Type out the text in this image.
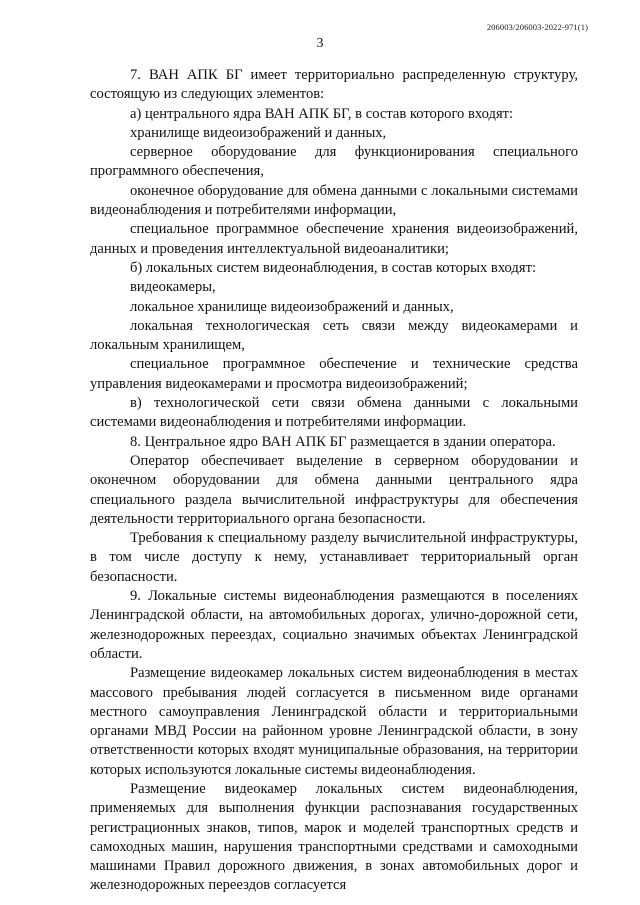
206003/206003-2022-971(1)
3

7. ВАН АПК БГ имеет территориально распределенную структуру, состоящую из следующих элементов:

а) центрального ядра ВАН АПК БГ, в состав которого входят:

хранилище видеоизображений и данных,

серверное оборудование для функционирования специального программного обеспечения,

оконечное оборудование для обмена данными с локальными системами видеонаблюдения и потребителями информации,

специальное программное обеспечение хранения видеоизображений, данных и проведения интеллектуальной видеоаналитики;

б) локальных систем видеонаблюдения, в состав которых входят:

видеокамеры,

локальное хранилище видеоизображений и данных,

локальная технологическая сеть связи между видеокамерами и локальным хранилищем,

специальное программное обеспечение и технические средства управления видеокамерами и просмотра видеоизображений;

в) технологической сети связи обмена данными с локальными системами видеонаблюдения и потребителями информации.

8. Центральное ядро ВАН АПК БГ размещается в здании оператора.

Оператор обеспечивает выделение в серверном оборудовании и оконечном оборудовании для обмена данными центрального ядра специального раздела вычислительной инфраструктуры для обеспечения деятельности территориального органа безопасности.

Требования к специальному разделу вычислительной инфраструктуры, в том числе доступу к нему, устанавливает территориальный орган безопасности.

9. Локальные системы видеонаблюдения размещаются в поселениях Ленинградской области, на автомобильных дорогах, улично-дорожной сети, железнодорожных переездах, социально значимых объектах Ленинградской области.

Размещение видеокамер локальных систем видеонаблюдения в местах массового пребывания людей согласуется в письменном виде органами местного самоуправления Ленинградской области и территориальными органами МВД России на районном уровне Ленинградской области, в зону ответственности которых входят муниципальные образования, на территории которых используются локальные системы видеонаблюдения.

Размещение видеокамер локальных систем видеонаблюдения, применяемых для выполнения функции распознавания государственных регистрационных знаков, типов, марок и моделей транспортных средств и самоходных машин, нарушения транспортными средствами и самоходными машинами Правил дорожного движения, в зонах автомобильных дорог и железнодорожных переездов согласуется
